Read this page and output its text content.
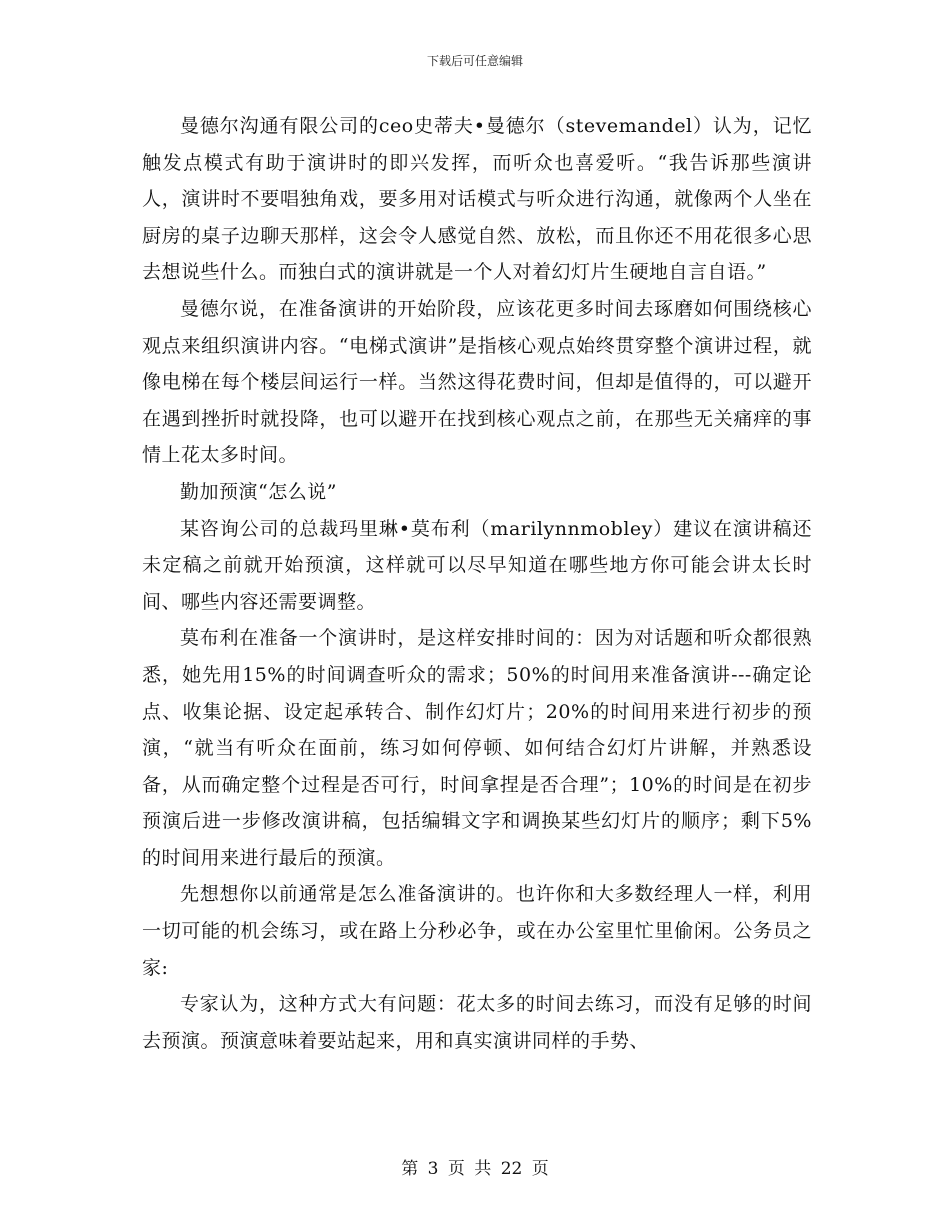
下载后可任意编辑

曼德尔沟通有限公司的ceo史蒂夫•曼德尔（stevemandel）认为，记忆触发点模式有助于演讲时的即兴发挥，而听众也喜爱听。“我告诉那些演讲人，演讲时不要唱独角戏，要多用对话模式与听众进行沟通，就像两个人坐在厨房的桌子边聊天那样，这会令人感觉自然、放松，而且你还不用花很多心思去想说些什么。而独白式的演讲就是一个人对着幻灯片生硬地自言自语。”

曼德尔说，在准备演讲的开始阶段，应该花更多时间去琢磨如何围绕核心观点来组织演讲内容。“电梯式演讲”是指核心观点始终贯穿整个演讲过程，就像电梯在每个楼层间运行一样。当然这得花费时间，但却是值得的，可以避开在遇到挫折时就投降，也可以避开在找到核心观点之前，在那些无关痛痒的事情上花太多时间。

勤加预演“怎么说”

某咨询公司的总裁玛里琳•莫布利（marilynnmobley）建议在演讲稿还未定稿之前就开始预演，这样就可以尽早知道在哪些地方你可能会讲太长时间、哪些内容还需要调整。

莫布利在准备一个演讲时，是这样安排时间的：因为对话题和听众都很熟悉，她先用15%的时间调查听众的需求；50%的时间用来准备演讲---确定论点、收集论据、设定起承转合、制作幻灯片；20%的时间用来进行初步的预演，“就当有听众在面前，练习如何停顿、如何结合幻灯片讲解，并熟悉设备，从而确定整个过程是否可行，时间拿捏是否合理”；10%的时间是在初步预演后进一步修改演讲稿，包括编辑文字和调换某些幻灯片的顺序；剩下5%的时间用来进行最后的预演。

先想想你以前通常是怎么准备演讲的。也许你和大多数经理人一样，利用一切可能的机会练习，或在路上分秒必争，或在办公室里忙里偷闲。公务员之家:

专家认为，这种方式大有问题：花太多的时间去练习，而没有足够的时间去预演。预演意味着要站起来，用和真实演讲同样的手势、

第 3 页 共 22 页
